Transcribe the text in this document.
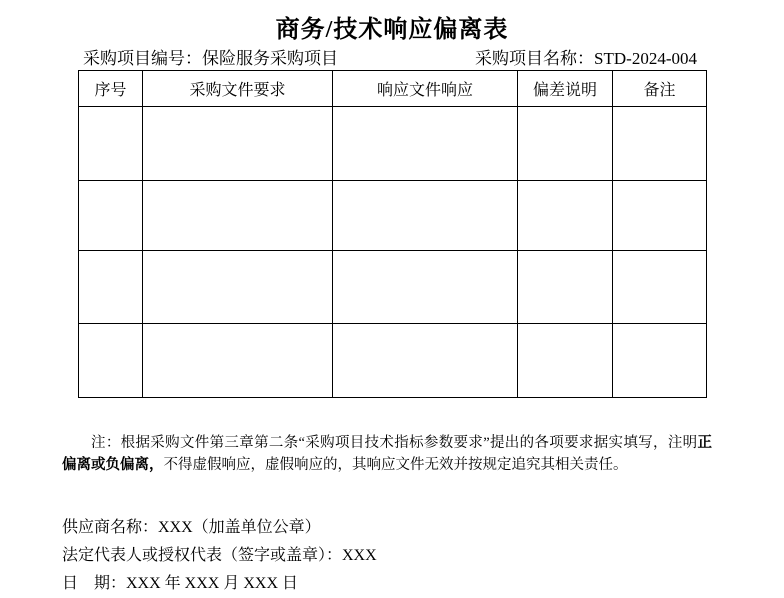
商务/技术响应偏离表
采购项目编号：保险服务采购项目	采购项目名称：STD-2024-004
序号	采购文件要求	响应文件响应	偏差说明	备注

注：根据采购文件第三章第二条“采购项目技术指标参数要求”提出的各项要求据实填写，注明正偏离或负偏离，不得虚假响应，虚假响应的，其响应文件无效并按规定追究其相关责任。

供应商名称：XXX（加盖单位公章）
法定代表人或授权代表（签字或盖章）：XXX
日　期：XXX 年 XXX 月 XXX 日
